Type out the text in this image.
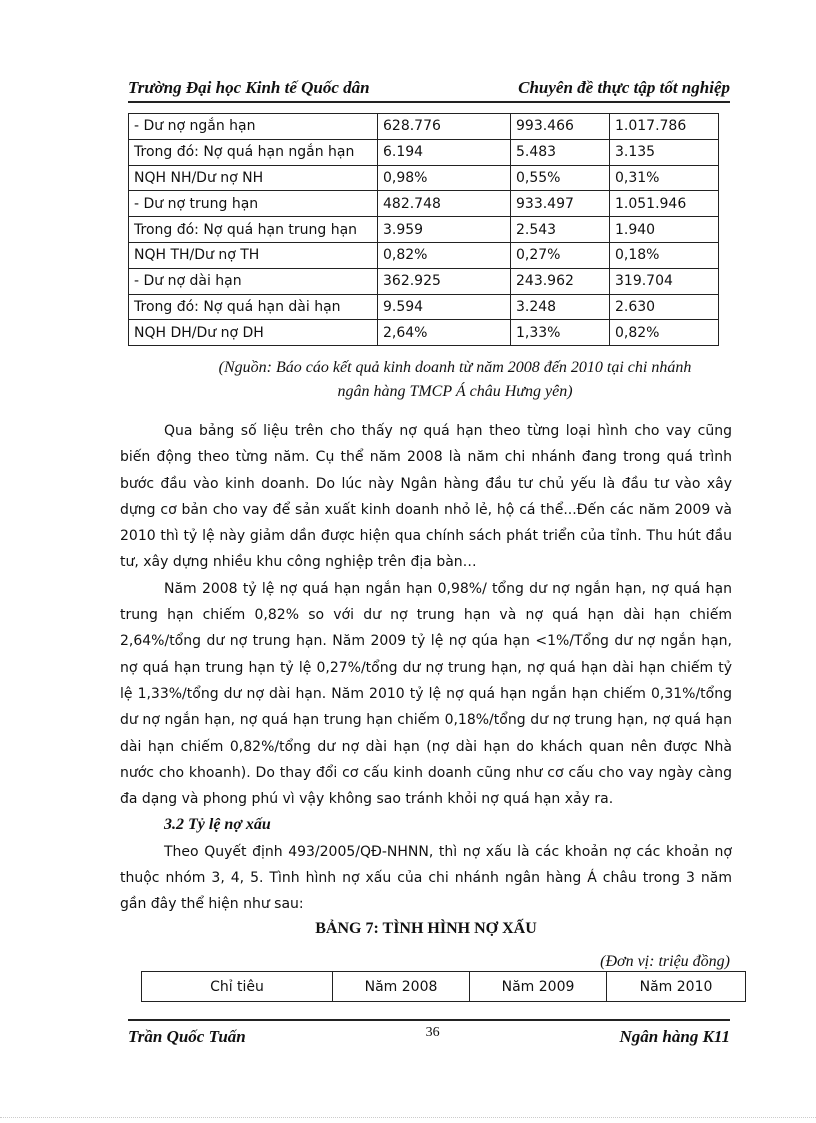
Trường Đại học Kinh tế Quốc dân	Chuyên đề thực tập tốt nghiệp
- Dư nợ ngắn hạn	628.776	993.466	1.017.786
Trong đó: Nợ quá hạn ngắn hạn	6.194	5.483	3.135
NQH NH/Dư nợ NH	0,98%	0,55%	0,31%
- Dư nợ trung hạn	482.748	933.497	1.051.946
Trong đó: Nợ quá hạn trung hạn	3.959	2.543	1.940
NQH TH/Dư nợ TH	0,82%	0,27%	0,18%
- Dư nợ dài hạn	362.925	243.962	319.704
Trong đó: Nợ quá hạn dài hạn	9.594	3.248	2.630
NQH DH/Dư nợ DH	2,64%	1,33%	0,82%
(Nguồn: Báo cáo kết quả kinh doanh từ năm 2008 đến 2010 tại chi nhánh
ngân hàng TMCP Á châu Hưng yên)

Qua bảng số liệu trên cho thấy nợ quá hạn theo từng loại hình cho vay cũng biến động theo từng năm. Cụ thể năm 2008 là năm chi nhánh đang trong quá trình bước đầu vào kinh doanh. Do lúc này Ngân hàng đầu tư chủ yếu là đầu tư vào xây dựng cơ bản cho vay để sản xuất kinh doanh nhỏ lẻ, hộ cá thể...Đến các năm 2009 và 2010 thì tỷ lệ này giảm dần được hiện qua chính sách phát triển của tỉnh. Thu hút đầu tư, xây dựng nhiều khu công nghiệp trên địa bàn…

Năm 2008 tỷ lệ nợ quá hạn ngắn hạn 0,98%/ tổng dư nợ ngắn hạn, nợ quá hạn trung hạn chiếm 0,82% so với dư nợ trung hạn và nợ quá hạn dài hạn chiếm 2,64%/tổng dư nợ trung hạn. Năm 2009 tỷ lệ nợ qúa hạn <1%/Tổng dư nợ ngắn hạn, nợ quá hạn trung hạn tỷ lệ 0,27%/tổng dư nợ trung hạn, nợ quá hạn dài hạn chiếm tỷ lệ 1,33%/tổng dư nợ dài hạn. Năm 2010 tỷ lệ nợ quá hạn ngắn hạn chiếm 0,31%/tổng dư nợ ngắn hạn, nợ quá hạn trung hạn chiếm 0,18%/tổng dư nợ trung hạn, nợ quá hạn dài hạn chiếm 0,82%/tổng dư nợ dài hạn (nợ dài hạn do khách quan nên được Nhà nước cho khoanh). Do thay đổi cơ cấu kinh doanh cũng như cơ cấu cho vay ngày càng đa dạng và phong phú vì vậy không sao tránh khỏi nợ quá hạn xảy ra.

3.2 Tỷ lệ nợ xấu

Theo Quyết định 493/2005/QĐ-NHNN, thì nợ xấu là các khoản nợ các khoản nợ thuộc nhóm 3, 4, 5. Tình hình nợ xấu của chi nhánh ngân hàng Á châu trong 3 năm gần đây thể hiện như sau:

BẢNG 7: TÌNH HÌNH NỢ XẤU
(Đơn vị: triệu đồng)
Chỉ tiêu	Năm 2008	Năm 2009	Năm 2010
Trần Quốc Tuấn	36	Ngân hàng K11
